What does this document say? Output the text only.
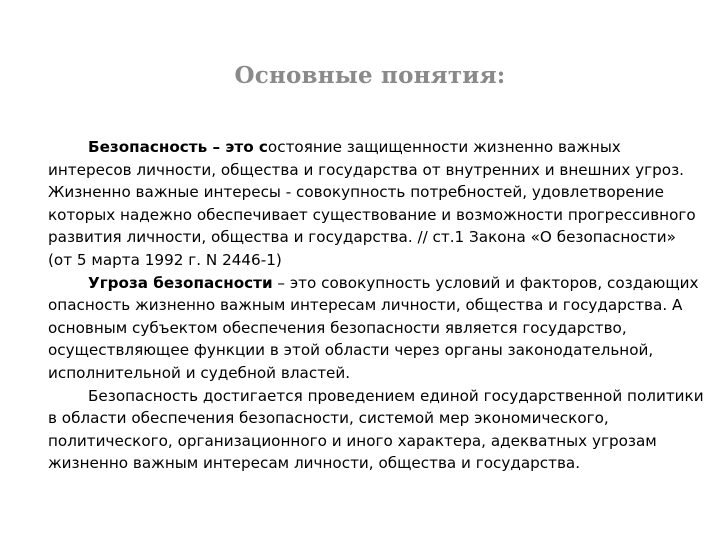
Основные понятия:

Безопасность – это состояние защищенности жизненно важных интересов личности, общества и государства от внутренних и внешних угроз. Жизненно важные интересы - совокупность потребностей, удовлетворение которых надежно обеспечивает существование и возможности прогрессивного развития личности, общества и государства. // ст.1 Закона «О безопасности» (от 5 марта 1992 г. N 2446-1)

Угроза безопасности – это совокупность условий и факторов, создающих опасность жизненно важным интересам личности, общества и государства. А основным субъектом обеспечения безопасности является государство, осуществляющее функции в этой области через органы законодательной, исполнительной и судебной властей.

Безопасность достигается проведением единой государственной политики в области обеспечения безопасности, системой мер экономического, политического, организационного и иного характера, адекватных угрозам жизненно важным интересам личности, общества и государства.
